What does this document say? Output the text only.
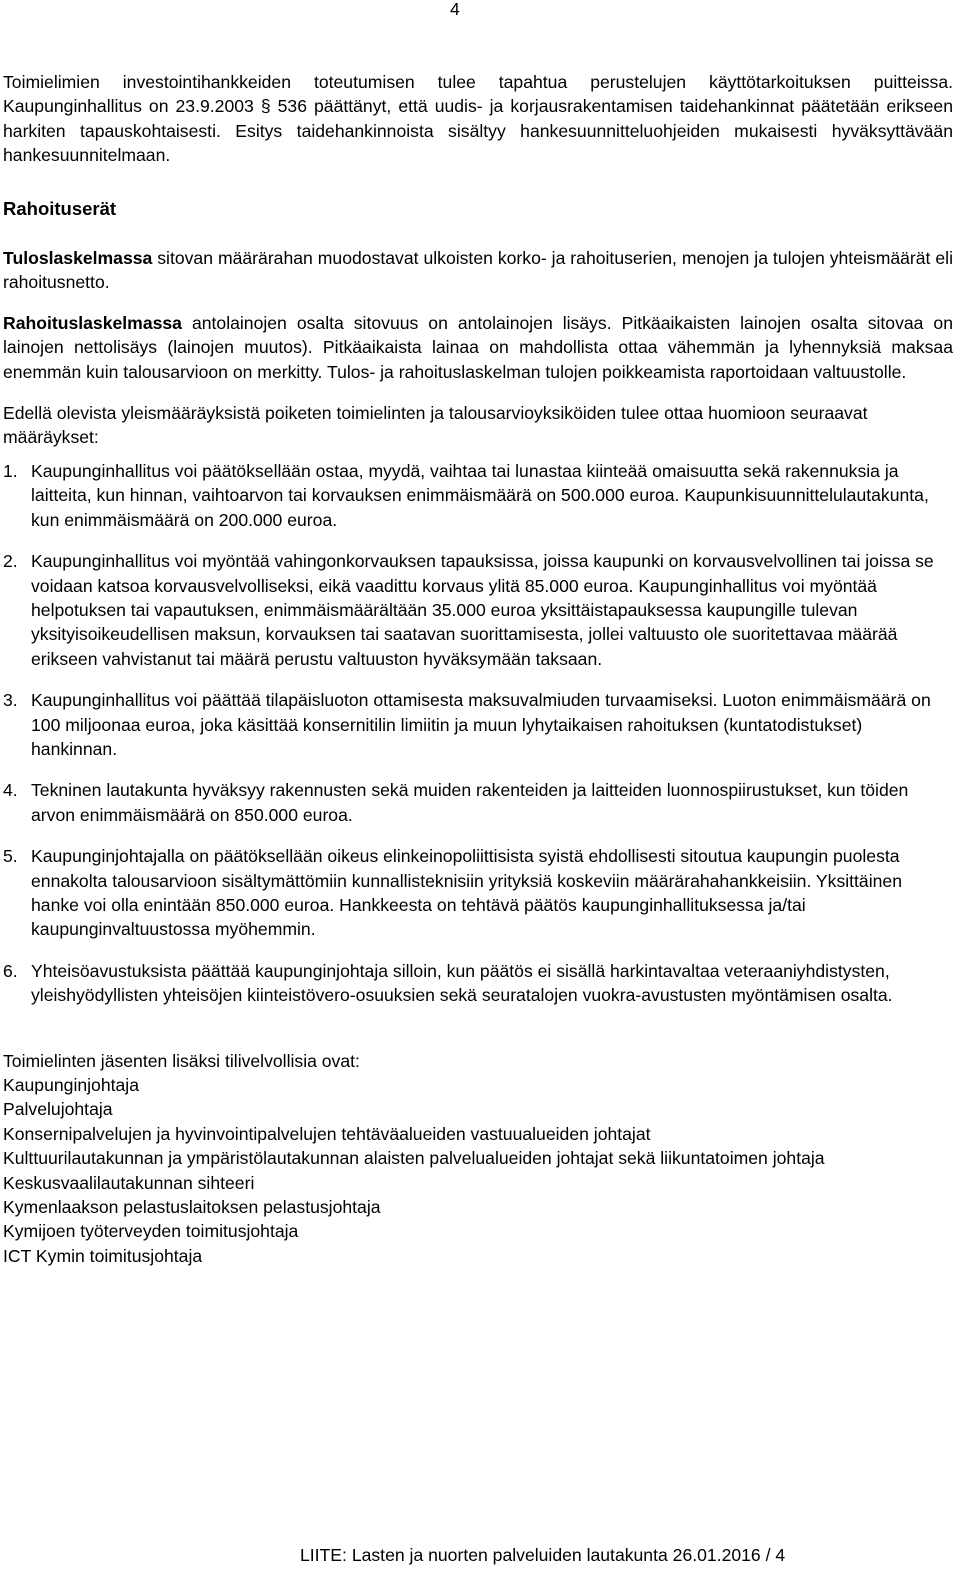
4

Toimielimien investointihankkeiden toteutumisen tulee tapahtua perustelujen käyttötarkoituksen puitteissa. Kaupunginhallitus on 23.9.2003 § 536 päättänyt, että uudis- ja korjausrakentamisen taidehankinnat päätetään erikseen harkiten tapauskohtaisesti. Esitys taidehankinnoista sisältyy hankesuunnitteluohjeiden mukaisesti hyväksyttävään hankesuunnitelmaan.

Rahoituserät

Tuloslaskelmassa sitovan määrärahan muodostavat ulkoisten korko- ja rahoituserien, menojen ja tulojen yhteismäärät eli rahoitusnetto.

Rahoituslaskelmassa antolainojen osalta sitovuus on antolainojen lisäys. Pitkäaikaisten lainojen osalta sitovaa on lainojen nettolisäys (lainojen muutos). Pitkäaikaista lainaa on mahdollista ottaa vähemmän ja lyhennyksiä maksaa enemmän kuin talousarvioon on merkitty. Tulos- ja rahoituslaskelman tulojen poikkeamista raportoidaan valtuustolle.

Edellä olevista yleismääräyksistä poiketen toimielinten ja talousarvioyksiköiden tulee ottaa huomioon seuraavat määräykset:

1. Kaupunginhallitus voi päätöksellään ostaa, myydä, vaihtaa tai lunastaa kiinteää omaisuutta sekä rakennuksia ja laitteita, kun hinnan, vaihtoarvon tai korvauksen enimmäismäärä on 500.000 euroa. Kaupunkisuunnittelulautakunta, kun enimmäismäärä on 200.000 euroa.
2. Kaupunginhallitus voi myöntää vahingonkorvauksen tapauksissa, joissa kaupunki on korvausvelvollinen tai joissa se voidaan katsoa korvausvelvolliseksi, eikä vaadittu korvaus ylitä 85.000 euroa. Kaupunginhallitus voi myöntää helpotuksen tai vapautuksen, enimmäismäärältään 35.000 euroa yksittäistapauksessa kaupungille tulevan yksityisoikeudellisen maksun, korvauksen tai saatavan suorittamisesta, jollei valtuusto ole suoritettavaa määrää erikseen vahvistanut tai määrä perustu valtuuston hyväksymään taksaan.
3. Kaupunginhallitus voi päättää tilapäisluoton ottamisesta maksuvalmiuden turvaamiseksi. Luoton enimmäismäärä on 100 miljoonaa euroa, joka käsittää konsernitilin limiitin ja muun lyhytaikaisen rahoituksen (kuntatodistukset) hankinnan.
4. Tekninen lautakunta hyväksyy rakennusten sekä muiden rakenteiden ja laitteiden luonnospiirustukset, kun töiden arvon enimmäismäärä on 850.000 euroa.
5. Kaupunginjohtajalla on päätöksellään oikeus elinkeinopoliittisista syistä ehdollisesti sitoutua kaupungin puolesta ennakolta talousarvioon sisältymättömiin kunnallisteknisiin yrityksiä koskeviin määrärahahankkeisiin. Yksittäinen hanke voi olla enintään 850.000 euroa. Hankkeesta on tehtävä päätös kaupunginhallituksessa ja/tai kaupunginvaltuustossa myöhemmin.
6. Yhteisöavustuksista päättää kaupunginjohtaja silloin, kun päätös ei sisällä harkintavaltaa veteraaniyhdistysten, yleishyödyllisten yhteisöjen kiinteistövero-osuuksien sekä seuratalojen vuokra-avustusten myöntämisen osalta.

Toimielinten jäsenten lisäksi tilivelvollisia ovat:

Kaupunginjohtaja

Palvelujohtaja

Konsernipalvelujen ja hyvinvointipalvelujen tehtäväalueiden vastuualueiden johtajat

Kulttuurilautakunnan ja ympäristölautakunnan alaisten palvelualueiden johtajat sekä liikuntatoimen johtaja

Keskusvaalilautakunnan sihteeri

Kymenlaakson pelastuslaitoksen pelastusjohtaja

Kymijoen työterveyden toimitusjohtaja

ICT Kymin toimitusjohtaja

LIITE: Lasten ja nuorten palveluiden lautakunta 26.01.2016 / 4
